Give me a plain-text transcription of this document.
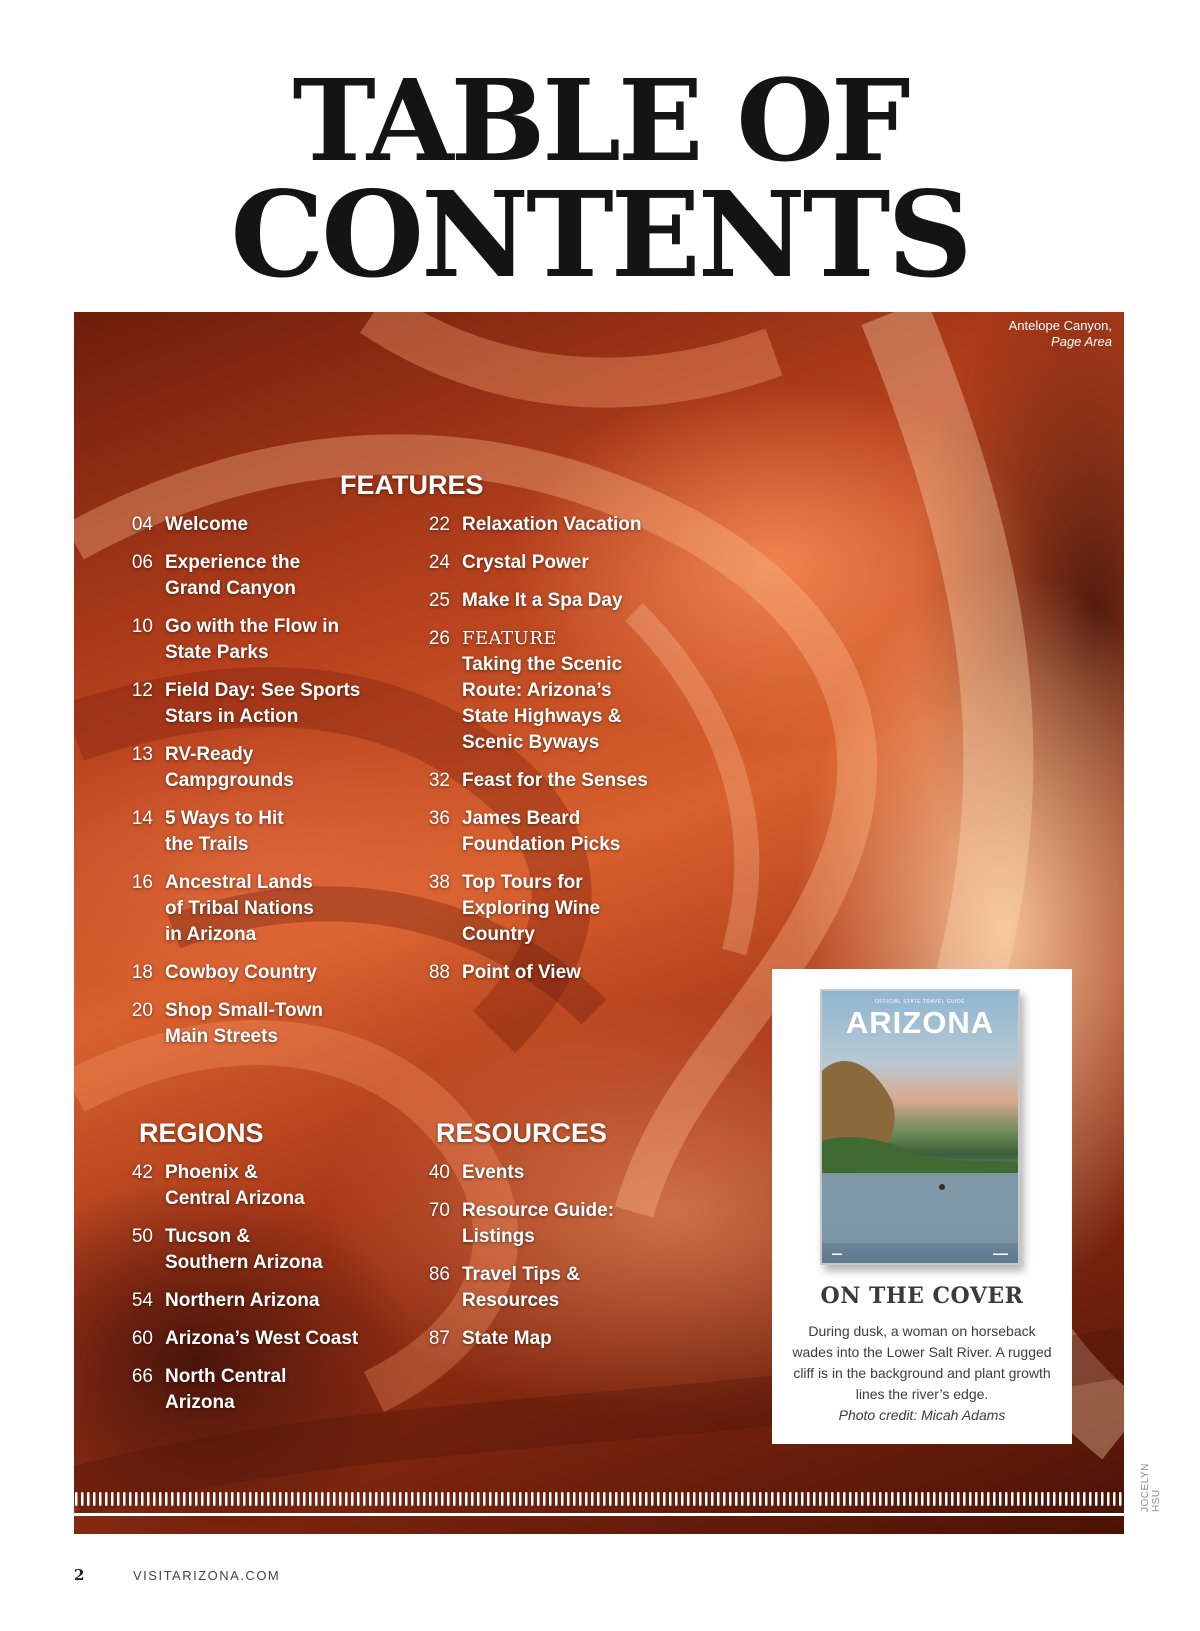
TABLE OF
CONTENTS
Antelope Canyon,
Page Area
FEATURES
04 Welcome
06 Experience the Grand Canyon
10 Go with the Flow in State Parks
12 Field Day: See Sports Stars in Action
13 RV-Ready Campgrounds
14 5 Ways to Hit the Trails
16 Ancestral Lands of Tribal Nations in Arizona
18 Cowboy Country
20 Shop Small-Town Main Streets
22 Relaxation Vacation
24 Crystal Power
25 Make It a Spa Day
26 FEATURE
Taking the Scenic Route: Arizona’s State Highways & Scenic Byways
32 Feast for the Senses
36 James Beard Foundation Picks
38 Top Tours for Exploring Wine Country
88 Point of View
REGIONS
42 Phoenix & Central Arizona
50 Tucson & Southern Arizona
54 Northern Arizona
60 Arizona’s West Coast
66 North Central Arizona
RESOURCES
40 Events
70 Resource Guide: Listings
86 Travel Tips & Resources
87 State Map
OFFICIAL STATE TRAVEL GUIDE
ARIZONA
▬▬	▬▬▬
ON THE COVER
During dusk, a woman on horseback wades into the Lower Salt River. A rugged cliff is in the background and plant growth lines the river’s edge.
Photo credit: Micah Adams
JOCELYN HSU
2	VISITARIZONA.COM
